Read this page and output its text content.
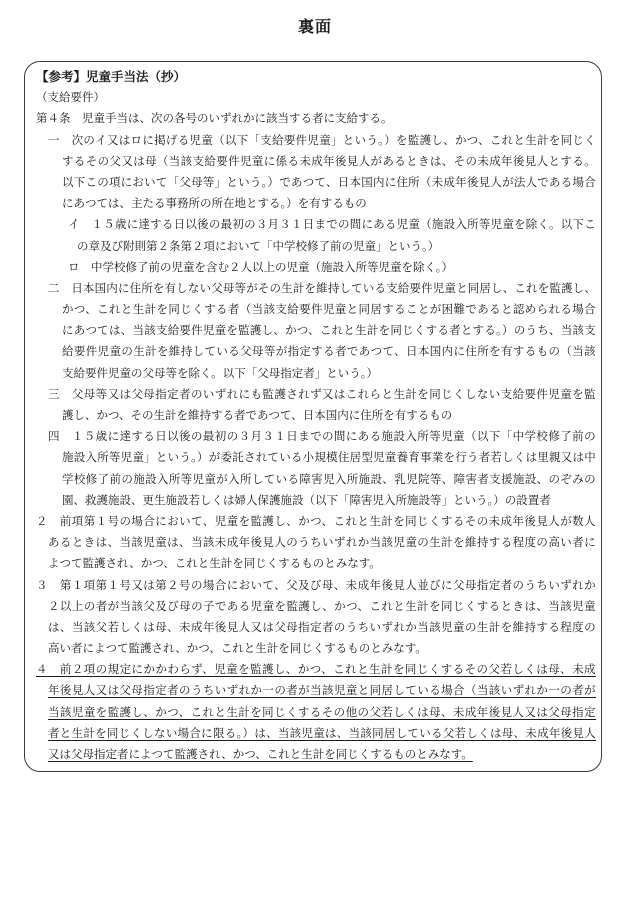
裏面
【参考】児童手当法（抄）
（支給要件）
第４条　児童手当は、次の各号のいずれかに該当する者に支給する。
一　次のイ又はロに掲げる児童（以下「支給要件児童」という。）を監護し、かつ、これと生計を同じく
するその父又は母（当該支給要件児童に係る未成年後見人があるときは、その未成年後見人とする。
以下この項において「父母等」という。）であつて、日本国内に住所（未成年後見人が法人である場合
にあつては、主たる事務所の所在地とする。）を有するもの
イ　１５歳に達する日以後の最初の３月３１日までの間にある児童（施設入所等児童を除く。以下こ
の章及び附則第２条第２項において「中学校修了前の児童」という。）
ロ　中学校修了前の児童を含む２人以上の児童（施設入所等児童を除く。）
二　日本国内に住所を有しない父母等がその生計を維持している支給要件児童と同居し、これを監護し、
かつ、これと生計を同じくする者（当該支給要件児童と同居することが困難であると認められる場合
にあつては、当該支給要件児童を監護し、かつ、これと生計を同じくする者とする。）のうち、当該支
給要件児童の生計を維持している父母等が指定する者であつて、日本国内に住所を有するもの（当該
支給要件児童の父母等を除く。以下「父母指定者」という。）
三　父母等又は父母指定者のいずれにも監護されず又はこれらと生計を同じくしない支給要件児童を監
護し、かつ、その生計を維持する者であつて、日本国内に住所を有するもの
四　１５歳に達する日以後の最初の３月３１日までの間にある施設入所等児童（以下「中学校修了前の
施設入所等児童」という。）が委託されている小規模住居型児童養育事業を行う者若しくは里親又は中
学校修了前の施設入所等児童が入所している障害児入所施設、乳児院等、障害者支援施設、のぞみの
園、救護施設、更生施設若しくは婦人保護施設（以下「障害児入所施設等」という。）の設置者
２　前項第１号の場合において、児童を監護し、かつ、これと生計を同じくするその未成年後見人が数人
あるときは、当該児童は、当該未成年後見人のうちいずれか当該児童の生計を維持する程度の高い者に
よつて監護され、かつ、これと生計を同じくするものとみなす。
３　第１項第１号又は第２号の場合において、父及び母、未成年後見人並びに父母指定者のうちいずれか
２以上の者が当該父及び母の子である児童を監護し、かつ、これと生計を同じくするときは、当該児童
は、当該父若しくは母、未成年後見人又は父母指定者のうちいずれか当該児童の生計を維持する程度の
高い者によつて監護され、かつ、これと生計を同じくするものとみなす。
４　前２項の規定にかかわらず、児童を監護し、かつ、これと生計を同じくするその父若しくは母、未成
年後見人又は父母指定者のうちいずれか一の者が当該児童と同居している場合（当該いずれか一の者が
当該児童を監護し、かつ、これと生計を同じくするその他の父若しくは母、未成年後見人又は父母指定
者と生計を同じくしない場合に限る。）は、当該児童は、当該同居している父若しくは母、未成年後見人
又は父母指定者によつて監護され、かつ、これと生計を同じくするものとみなす。
